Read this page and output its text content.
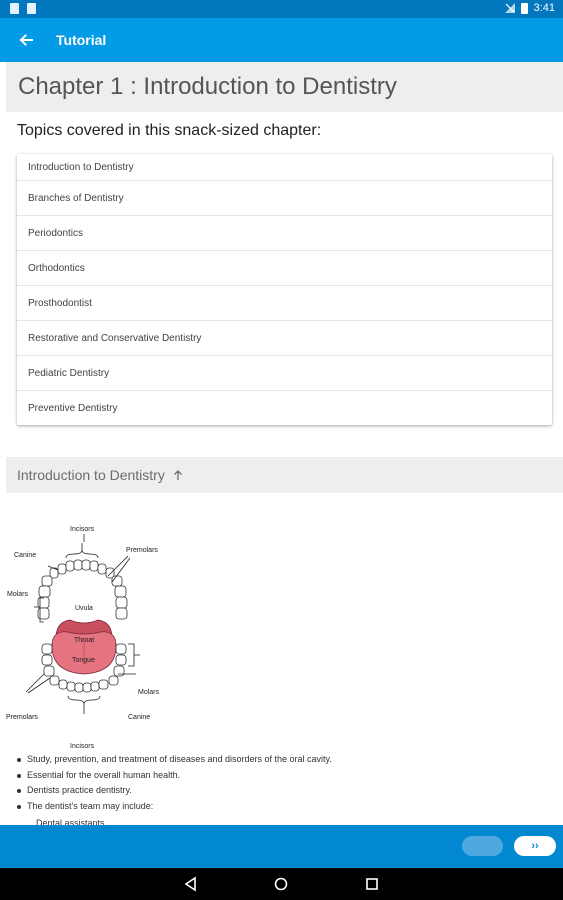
3:41
Tutorial
Chapter 1 : Introduction to Dentistry
Topics covered in this snack-sized chapter:
Introduction to Dentistry
Branches of Dentistry
Periodontics
Orthodontics
Prosthodontist
Restorative and Conservative Dentistry
Pediatric Dentistry
Preventive Dentistry
Introduction to Dentistry
Incisors
Canine
Premolars
Molars
Uvula
Throat
Tongue
Molars
Premolars	Canine
Incisors
Study, prevention, and treatment of diseases and disorders of the oral cavity.
Essential for the overall human health.
Dentists practice dentistry.
The dentist's team may include:
Dental assistants
››
